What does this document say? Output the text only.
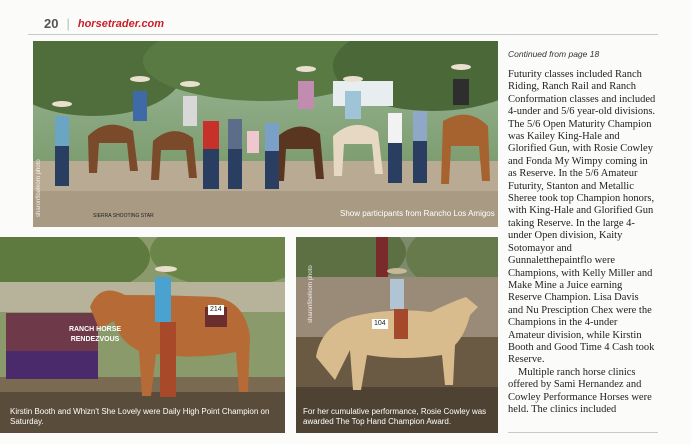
20 | horsetrader.com
sharonfibelkorn photo	SIERRA SHOOTING STAR	Show participants from Rancho Los Amigos
Continued from page 18
RANCH HORSE RENDEZVOUS
214
Kirstin Booth and Whizn't She Lovely were Daily High Point Champion on Saturday.
104
sharonfibelkorn photo
For her cumulative performance, Rosie Cowley was awarded The Top Hand Champion Award.

Futurity classes included Ranch Riding, Ranch Rail and Ranch Conformation classes and included 4-under and 5/6 year-old divisions. The 5/6 Open Maturity Champion was Kailey King-Hale and Glorified Gun, with Rosie Cowley and Fonda My Wimpy coming in as Reserve. In the 5/6 Amateur Futurity, Stanton and Metallic Sheree took top Champion honors, with King-Hale and Glorified Gun taking Reserve. In the large 4-under Open division, Kaity Sotomayor and Gunnaletthepaintflo were Champions, with Kelly Miller and Make Mine a Juice earning Reserve Champion. Lisa Davis and Nu Presciption Chex were the Champions in the 4-under Amateur division, while Kirstin Booth and Good Time 4 Cash took Reserve.

Multiple ranch horse clinics offered by Sami Hernandez and Cowley Performance Horses were held. The clinics included
